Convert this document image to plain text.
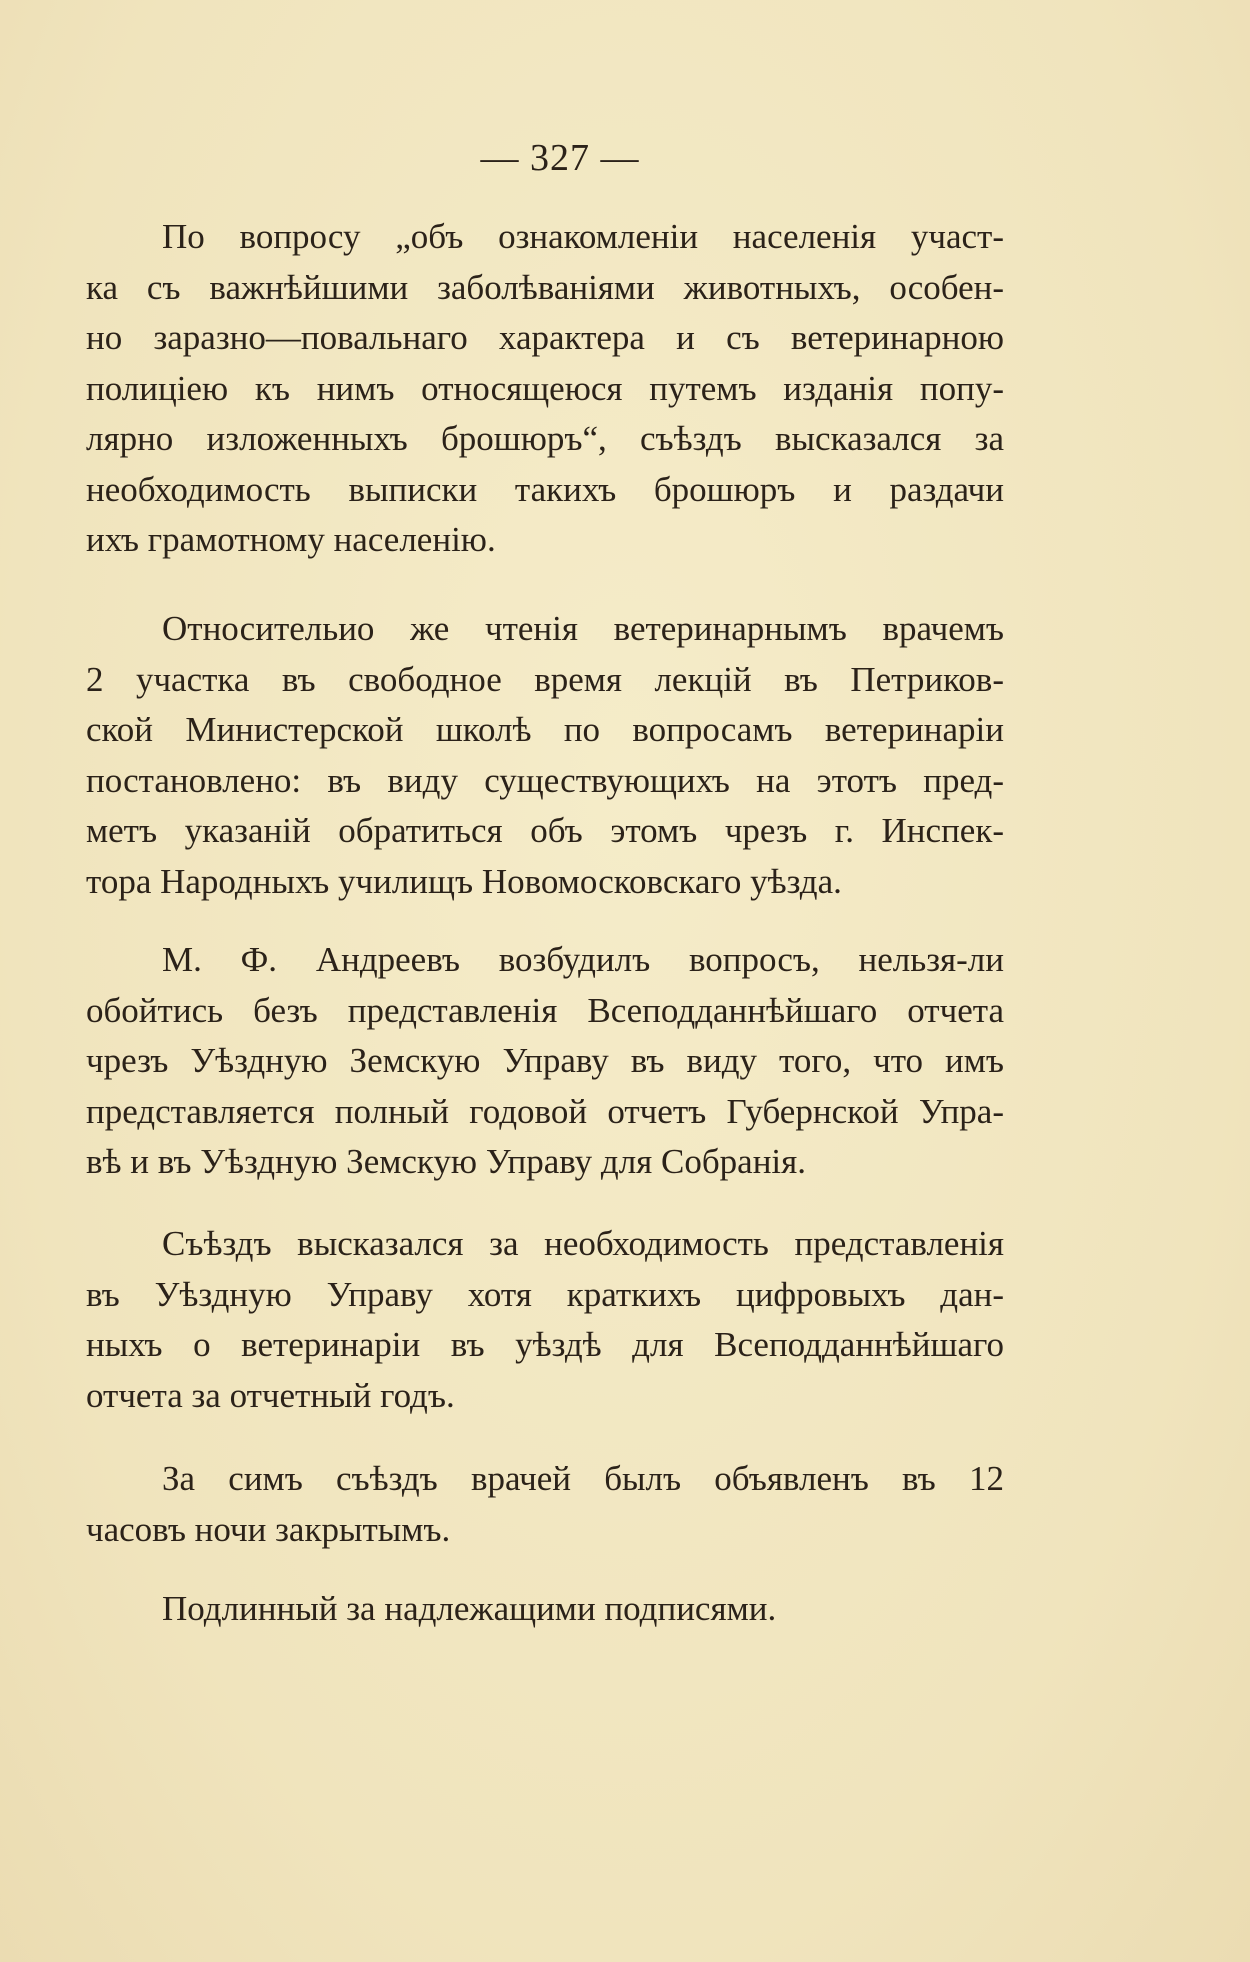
— 327 —
По вопросу „объ ознакомленіи населенія участ-
ка съ важнѣйшими заболѣваніями животныхъ, особен-
но заразно—повальнаго характера и съ ветеринарною
полиціею къ нимъ относящеюся путемъ изданія попу-
лярно изложенныхъ брошюръ“, съѣздъ высказался за
необходимость выписки такихъ брошюръ и раздачи
ихъ грамотному населенію.
Относительио же чтенія ветеринарнымъ врачемъ
2 участка въ свободное время лекцій въ Петриков-
ской Министерской школѣ по вопросамъ ветеринаріи
постановлено: въ виду существующихъ на этотъ пред-
метъ указаній обратиться объ этомъ чрезъ г. Инспек-
тора Народныхъ училищъ Новомосковскаго уѣзда.
М. Ф. Андреевъ возбудилъ вопросъ, нельзя-ли
обойтись безъ представленія Всеподданнѣйшаго отчета
чрезъ Уѣздную Земскую Управу въ виду того, что имъ
представляется полный годовой отчетъ Губернской Упра-
вѣ и въ Уѣздную Земскую Управу для Собранія.
Съѣздъ высказался за необходимость представленія
въ Уѣздную Управу хотя краткихъ цифровыхъ дан-
ныхъ о ветеринаріи въ уѣздѣ для Всеподданнѣйшаго
отчета за отчетный годъ.
За симъ съѣздъ врачей былъ объявленъ въ 12
часовъ ночи закрытымъ.
Подлинный за надлежащими подписями.
